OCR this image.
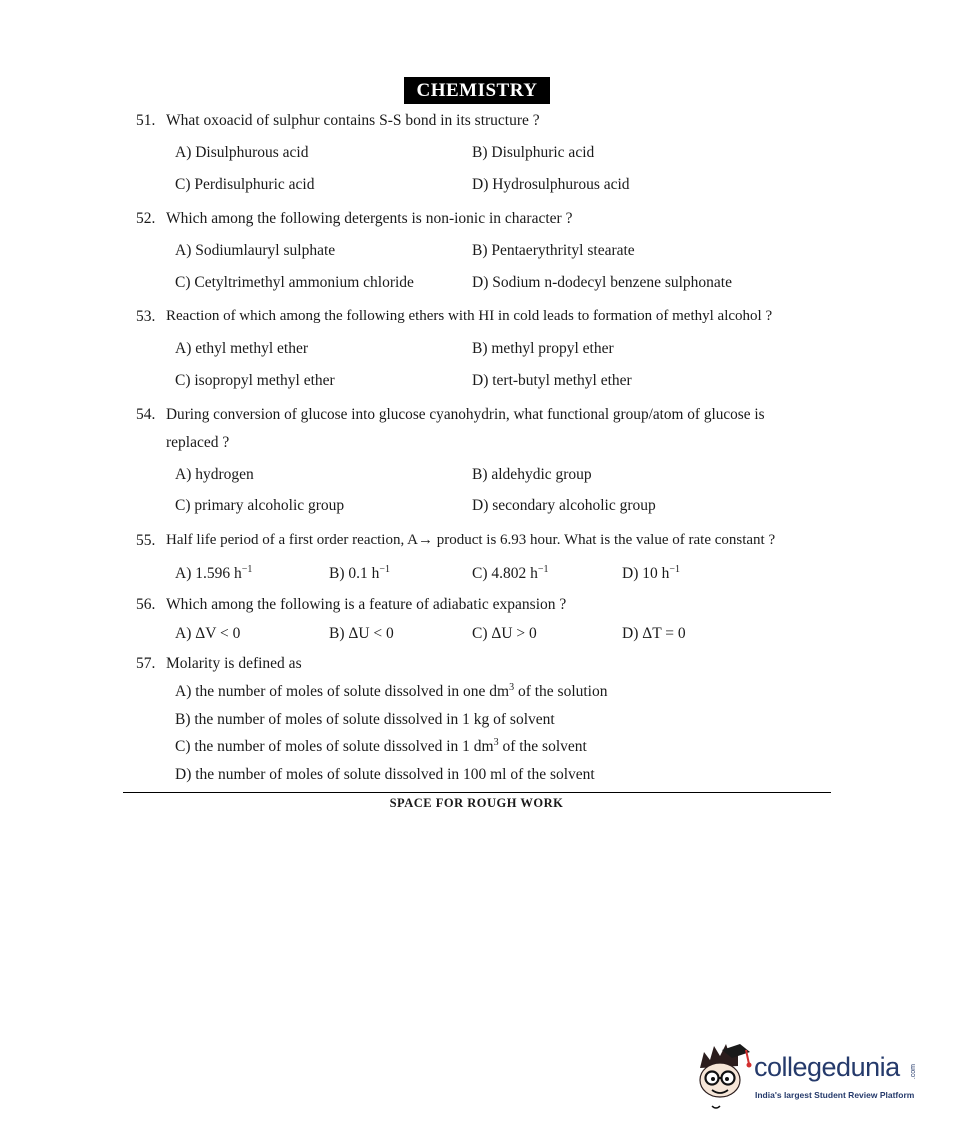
CHEMISTRY
51. What oxoacid of sulphur contains S-S bond in its structure ?
A) Disulphurous acid	B) Disulphuric acid
C) Perdisulphuric acid	D) Hydrosulphurous acid
52. Which among the following detergents is non-ionic in character ?
A) Sodiumlauryl sulphate	B) Pentaerythrityl stearate
C) Cetyltrimethyl ammonium chloride	D) Sodium n-dodecyl benzene sulphonate
53. Reaction of which among the following ethers with HI in cold leads to formation of methyl alcohol ?
A) ethyl methyl ether	B) methyl propyl ether
C) isopropyl methyl ether	D) tert-butyl methyl ether
54. During conversion of glucose into glucose cyanohydrin, what functional group/atom of glucose is
replaced ?
A) hydrogen	B) aldehydic group
C) primary alcoholic group	D) secondary alcoholic group
55. Half life period of a first order reaction, A→ product is 6.93 hour. What is the value of rate constant ?
A) 1.596 $h^{-1}$	B) 0.1 $h^{-1}$	C) 4.802 $h^{-1}$	D) 10 $h^{-1}$
56. Which among the following is a feature of adiabatic expansion ?
A) ΔV < 0	B) ΔU < 0	C) ΔU > 0	D) ΔT = 0
57. Molarity is defined as
A) the number of moles of solute dissolved in one $dm^3$ of the solution
B) the number of moles of solute dissolved in 1 kg of solvent
C) the number of moles of solute dissolved in 1 $dm^3$ of the solvent
D) the number of moles of solute dissolved in 100 ml of the solvent
SPACE FOR ROUGH WORK
collegedunia .com
India's largest Student Review Platform
